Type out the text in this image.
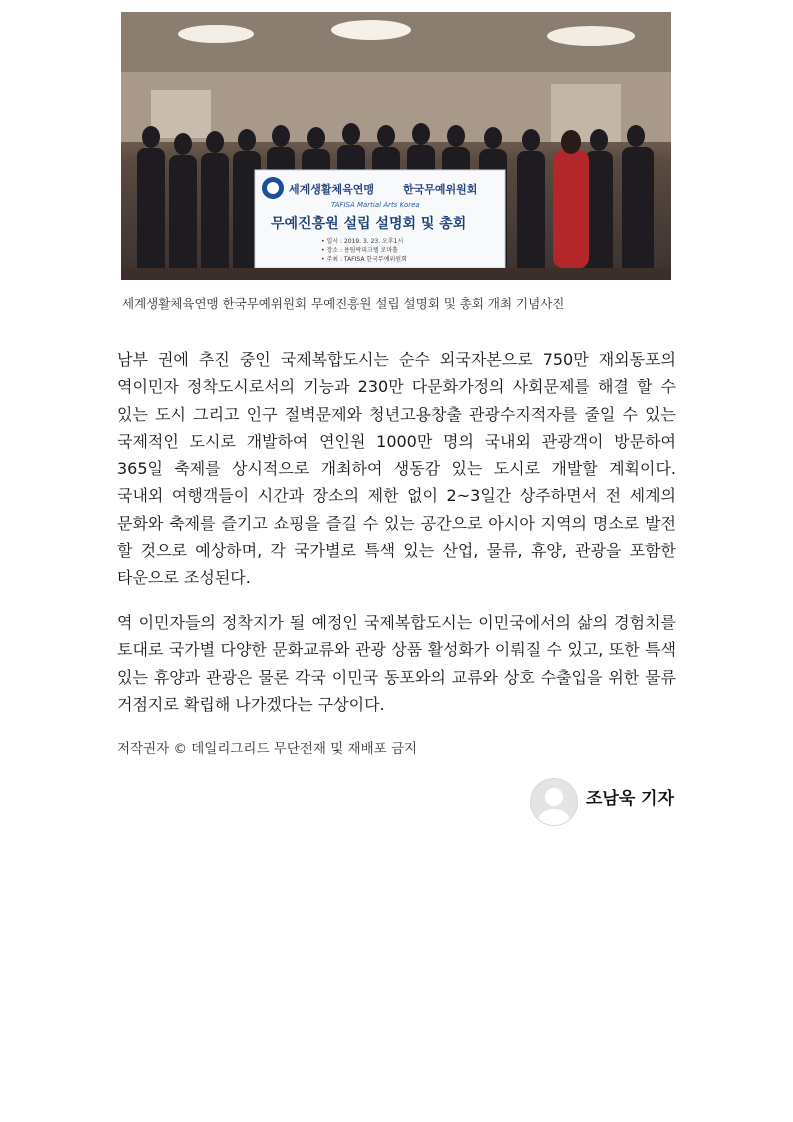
세계생활체육연맹	한국무예위원회
TAFISA Martial Arts Korea
무예진흥원 설립 설명회 및 총회
• 일시 : 2019. 3. 23. 오후1시
• 장소 : 용팀락피크텔 로마홀
• 주최 : TAFISA 한국무예위원회
세계생활체육연맹 한국무예위원회 무예진흥원 설립 설명회 및 총회 개최 기념사진

남부 권에 추진 중인 국제복합도시는 순수 외국자본으로 750만 재외동포의 역이민자 정착도시로서의 기능과 230만 다문화가정의 사회문제를 해결 할 수 있는 도시 그리고 인구 절벽문제와 청년고용창출 관광수지적자를 줄일 수 있는 국제적인 도시로 개발하여 연인원 1000만 명의 국내외 관광객이 방문하여 365일 축제를 상시적으로 개최하여 생동감 있는 도시로 개발할 계획이다. 국내외 여행객들이 시간과 장소의 제한 없이 2~3일간 상주하면서 전 세계의 문화와 축제를 즐기고 쇼핑을 즐길 수 있는 공간으로 아시아 지역의 명소로 발전 할 것으로 예상하며, 각 국가별로 특색 있는 산업, 물류, 휴양, 관광을 포함한 타운으로 조성된다.

역 이민자들의 정착지가 될 예정인 국제복합도시는 이민국에서의 삶의 경험치를 토대로 국가별 다양한 문화교류와 관광 상품 활성화가 이뤄질 수 있고, 또한 특색 있는 휴양과 관광은 물론 각국 이민국 동포와의 교류와 상호 수출입을 위한 물류 거점지로 확립해 나가겠다는 구상이다.

저작권자 © 데일리그리드 무단전재 및 재배포 금지
조남욱 기자
